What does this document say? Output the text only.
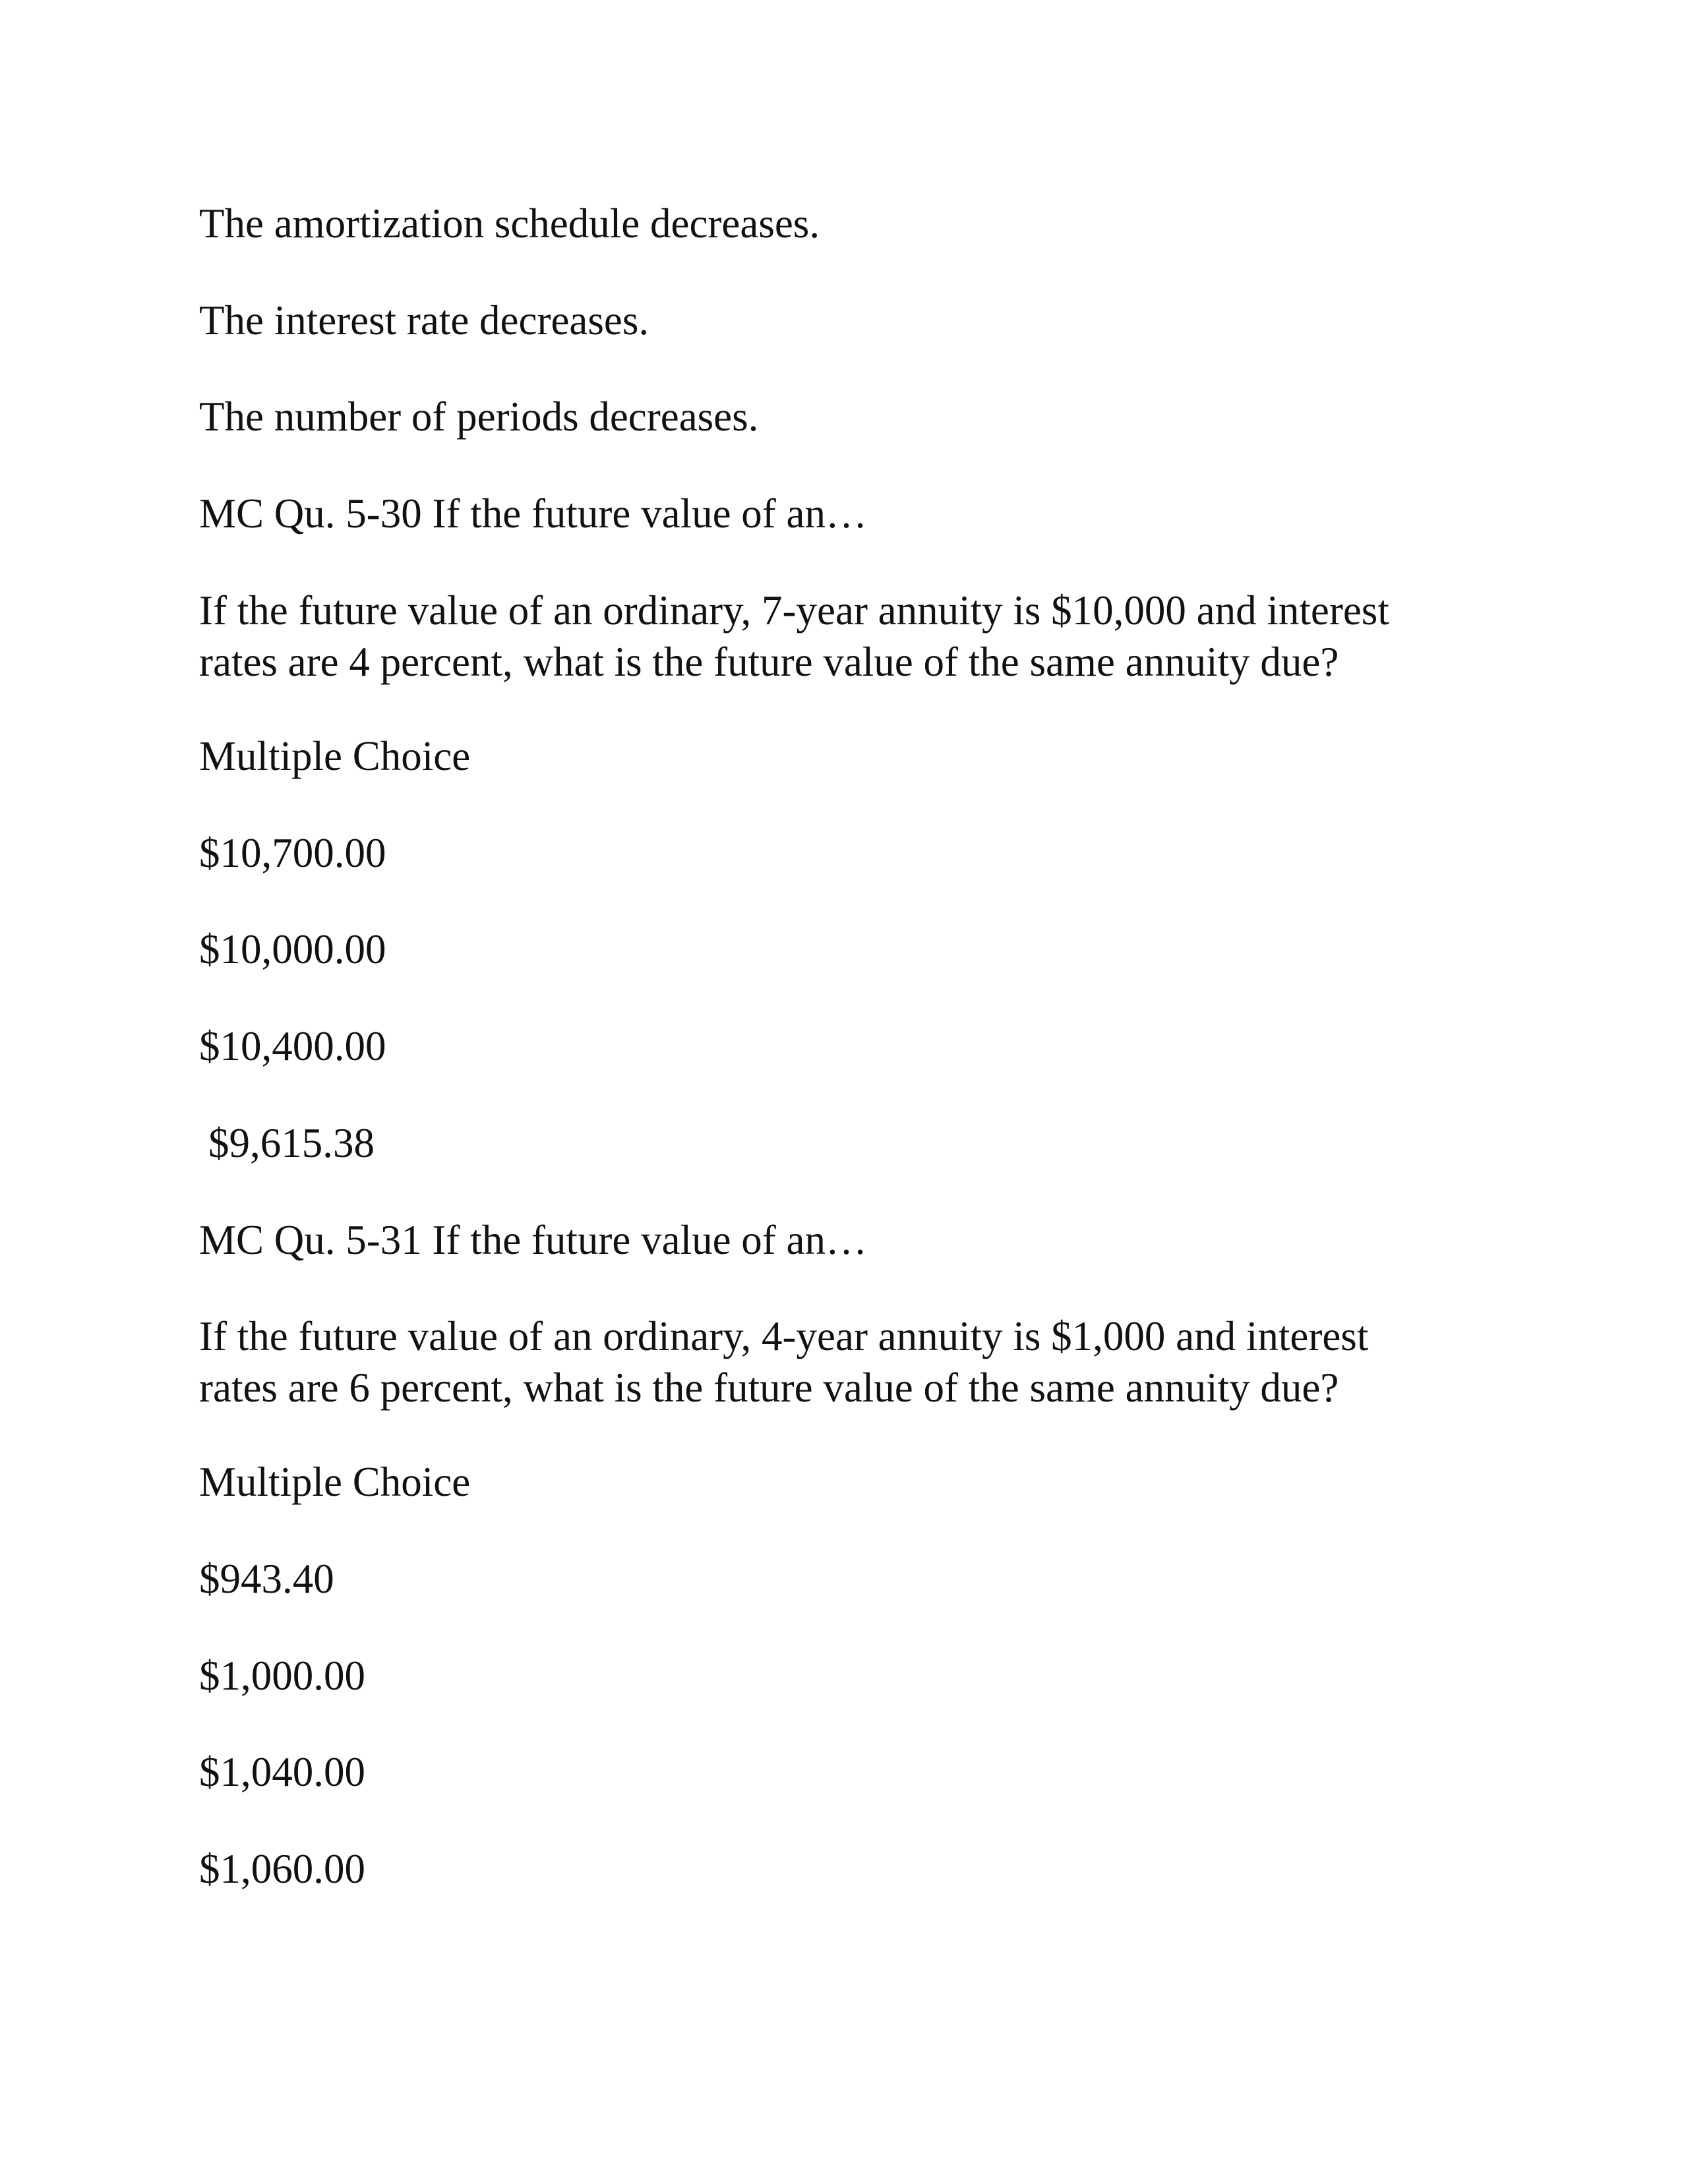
The amortization schedule decreases.

The interest rate decreases.

The number of periods decreases.

MC Qu. 5-30 If the future value of an…

If the future value of an ordinary, 7-year annuity is $10,000 and interest
rates are 4 percent, what is the future value of the same annuity due?

Multiple Choice

$10,700.00

$10,000.00

$10,400.00

$9,615.38

MC Qu. 5-31 If the future value of an…

If the future value of an ordinary, 4-year annuity is $1,000 and interest
rates are 6 percent, what is the future value of the same annuity due?

Multiple Choice

$943.40

$1,000.00

$1,040.00

$1,060.00
